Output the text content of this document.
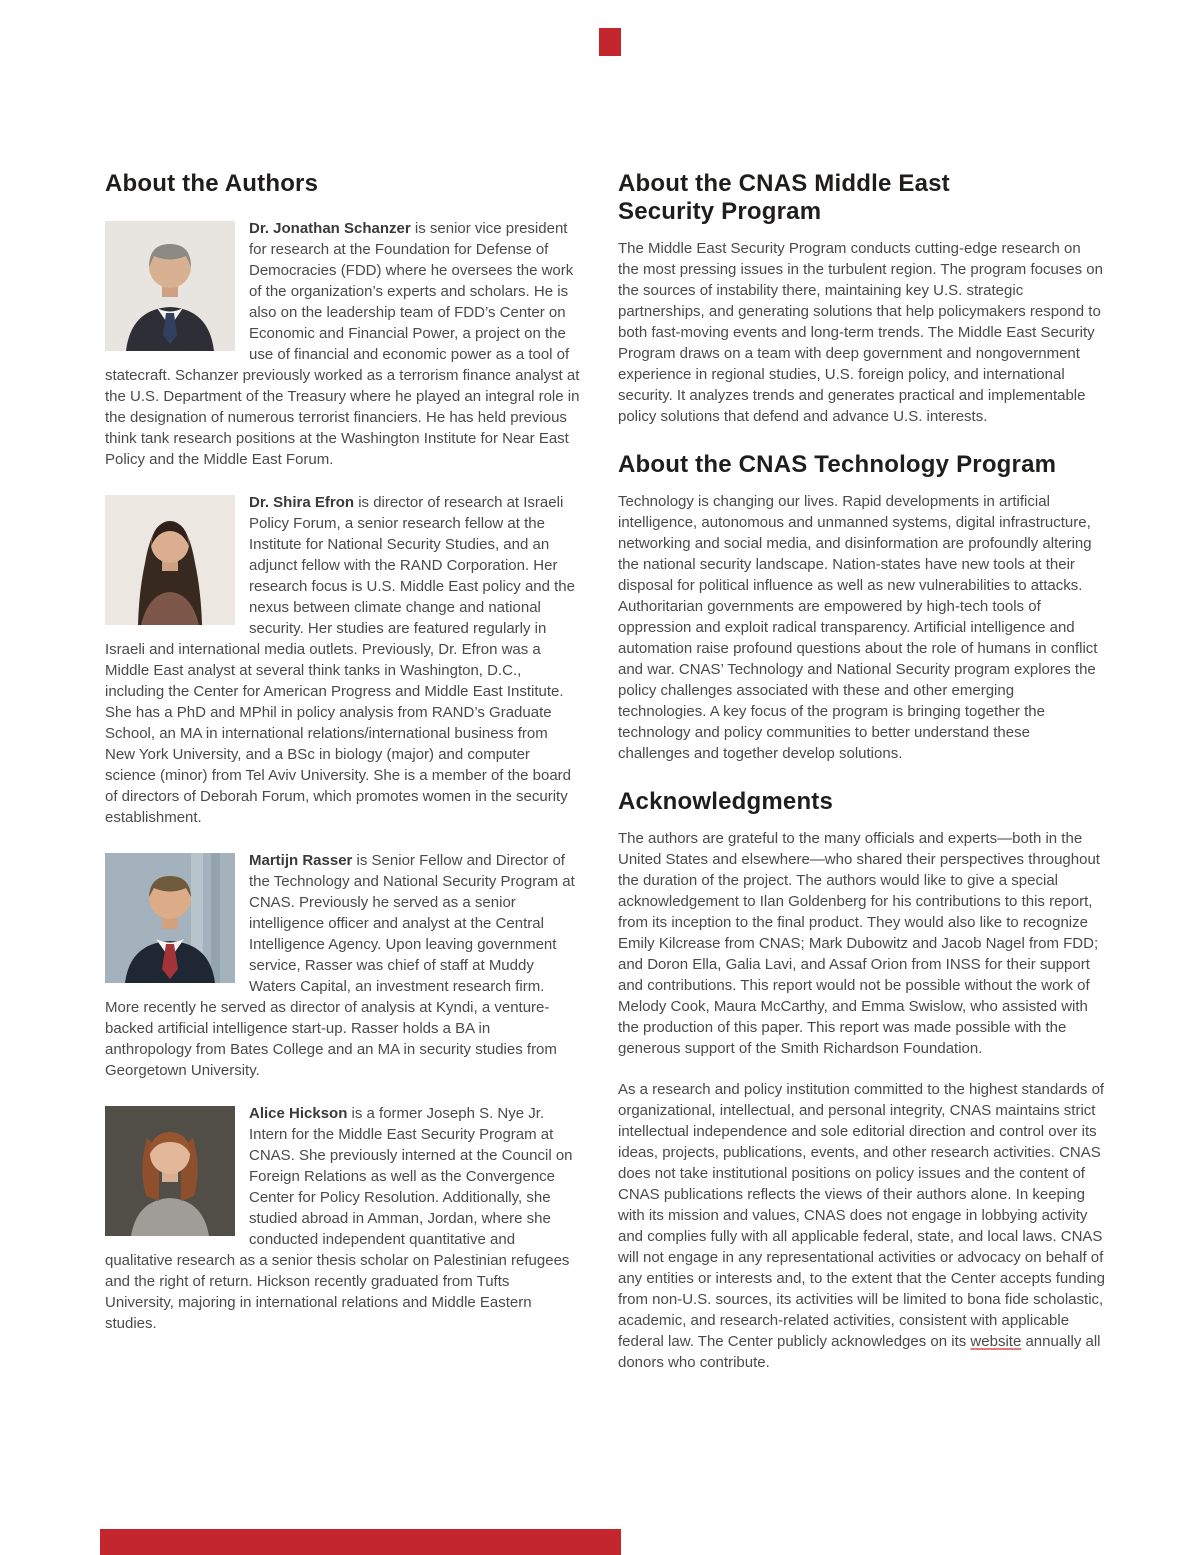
About the Authors

Dr. Jonathan Schanzer is senior vice president for research at the Foundation for Defense of Democracies (FDD) where he oversees the work of the organization’s experts and scholars. He is also on the leadership team of FDD’s Center on Economic and Financial Power, a project on the use of financial and economic power as a tool of statecraft. Schanzer previously worked as a terrorism finance analyst at the U.S. Department of the Treasury where he played an integral role in the designation of numerous terrorist financiers. He has held previous think tank research positions at the Washington Institute for Near East Policy and the Middle East Forum.

Dr. Shira Efron is director of research at Israeli Policy Forum, a senior research fellow at the Institute for National Security Studies, and an adjunct fellow with the RAND Corporation. Her research focus is U.S. Middle East policy and the nexus between climate change and national security. Her studies are featured regularly in Israeli and international media outlets. Previously, Dr. Efron was a Middle East analyst at several think tanks in Washington, D.C., including the Center for American Progress and Middle East Institute. She has a PhD and MPhil in policy analysis from RAND’s Graduate School, an MA in international relations/international business from New York University, and a BSc in biology (major) and computer science (minor) from Tel Aviv University. She is a member of the board of directors of Deborah Forum, which promotes women in the security establishment.

Martijn Rasser is Senior Fellow and Director of the Technology and National Security Program at CNAS. Previously he served as a senior intelligence officer and analyst at the Central Intelligence Agency. Upon leaving government service, Rasser was chief of staff at Muddy Waters Capital, an investment research firm. More recently he served as director of analysis at Kyndi, a venture-backed artificial intelligence start-up. Rasser holds a BA in anthropology from Bates College and an MA in security studies from Georgetown University.

Alice Hickson is a former Joseph S. Nye Jr. Intern for the Middle East Security Program at CNAS. She previously interned at the Council on Foreign Relations as well as the Convergence Center for Policy Resolution. Additionally, she studied abroad in Amman, Jordan, where she conducted independent quantitative and qualitative research as a senior thesis scholar on Palestinian refugees and the right of return. Hickson recently graduated from Tufts University, majoring in international relations and Middle Eastern studies.

About the CNAS Middle East Security Program

The Middle East Security Program conducts cutting-edge research on the most pressing issues in the turbulent region. The program focuses on the sources of instability there, maintaining key U.S. strategic partnerships, and generating solutions that help policymakers respond to both fast-moving events and long-term trends. The Middle East Security Program draws on a team with deep government and nongovernment experience in regional studies, U.S. foreign policy, and international security. It analyzes trends and generates practical and implementable policy solutions that defend and advance U.S. interests.

About the CNAS Technology Program

Technology is changing our lives. Rapid developments in artificial intelligence, autonomous and unmanned systems, digital infrastructure, networking and social media, and disinformation are profoundly altering the national security landscape. Nation-states have new tools at their disposal for political influence as well as new vulnerabilities to attacks. Authoritarian governments are empowered by high-tech tools of oppression and exploit radical transparency. Artificial intelligence and automation raise profound questions about the role of humans in conflict and war. CNAS’ Technology and National Security program explores the policy challenges associated with these and other emerging technologies. A key focus of the program is bringing together the technology and policy communities to better understand these challenges and together develop solutions.

Acknowledgments

The authors are grateful to the many officials and experts—both in the United States and elsewhere—who shared their perspectives throughout the duration of the project. The authors would like to give a special acknowledgement to Ilan Goldenberg for his contributions to this report, from its inception to the final product. They would also like to recognize Emily Kilcrease from CNAS; Mark Dubowitz and Jacob Nagel from FDD; and Doron Ella, Galia Lavi, and Assaf Orion from INSS for their support and contributions. This report would not be possible without the work of Melody Cook, Maura McCarthy, and Emma Swislow, who assisted with the production of this paper. This report was made possible with the generous support of the Smith Richardson Foundation.

As a research and policy institution committed to the highest standards of organizational, intellectual, and personal integrity, CNAS maintains strict intellectual independence and sole editorial direction and control over its ideas, projects, publications, events, and other research activities. CNAS does not take institutional positions on policy issues and the content of CNAS publications reflects the views of their authors alone. In keeping with its mission and values, CNAS does not engage in lobbying activity and complies fully with all applicable federal, state, and local laws. CNAS will not engage in any representational activities or advocacy on behalf of any entities or interests and, to the extent that the Center accepts funding from non-U.S. sources, its activities will be limited to bona fide scholastic, academic, and research-related activities, consistent with applicable federal law. The Center publicly acknowledges on its website annually all donors who contribute.
